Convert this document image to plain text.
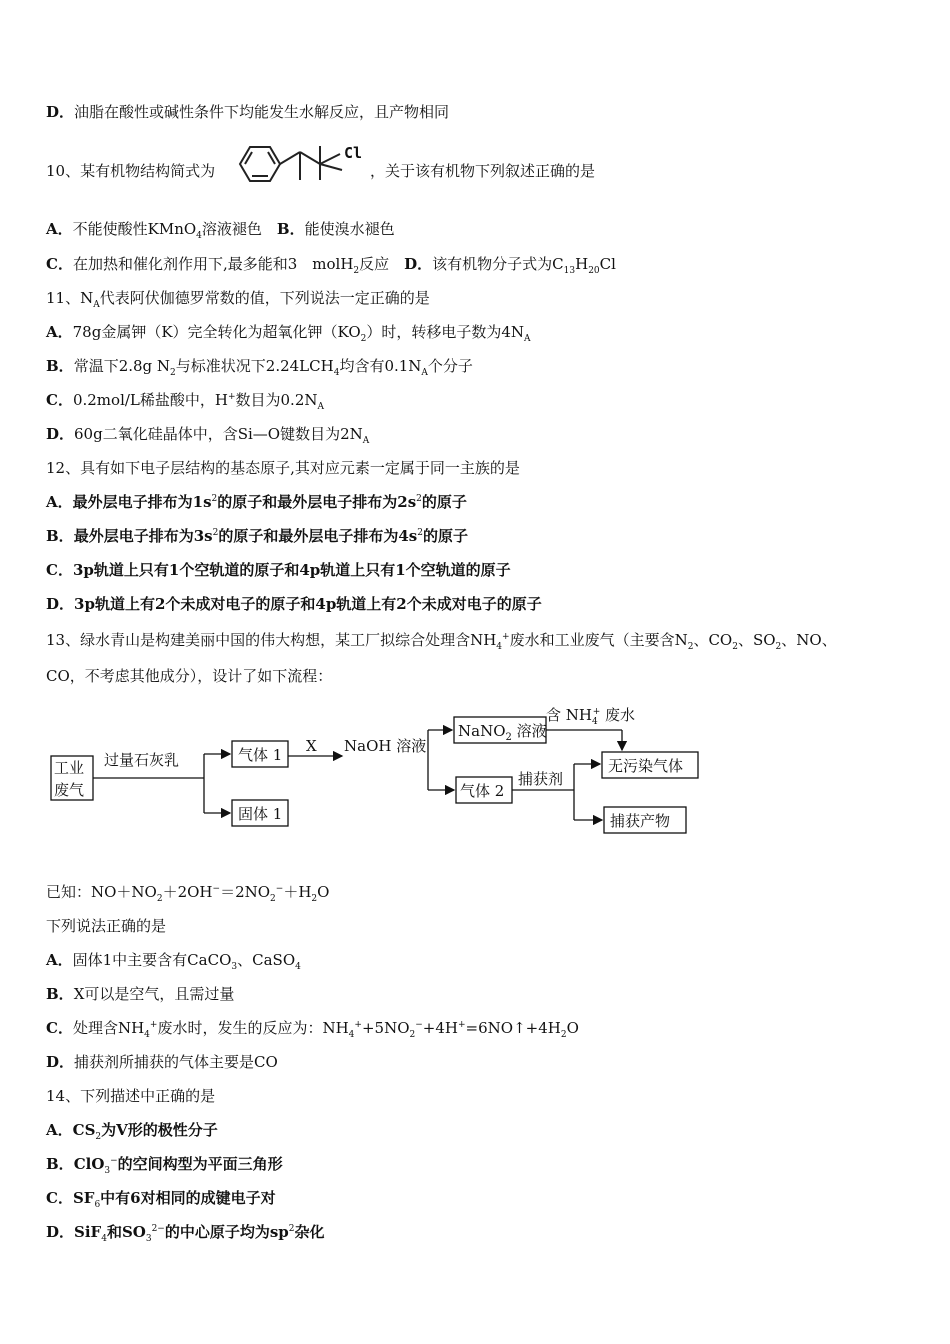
D．油脂在酸性或碱性条件下均能发生水解反应，且产物相同
10、某有机物结构简式为
Cl
，关于该有机物下列叙述正确的是
A．不能使酸性KMnO$_4$溶液褪色　B．能使溴水褪色
C．在加热和催化剂作用下,最多能和3　molH$_2$反应　D．该有机物分子式为$C_{13}H_{20}Cl$
11、$N_A$代表阿伏伽德罗常数的值，下列说法一定正确的是
A．78g金属钾（K）完全转化为超氧化钾$(KO_2)$时，转移电子数为$4N_A$
B．常温下2.8g $N_2$与标准状况下$2.24LCH_4$均含有$0.1N_A$个分子
C．0.2mol/L稀盐酸中，H+数目为$0.2N_A$
D．60g二氧化硅晶体中，含Si—O键数目为$2N_A$
12、具有如下电子层结构的基态原子,其对应元素一定属于同一主族的是
A．最外层电子排布为$1s^2$的原子和最外层电子排布为$2s^2$的原子
B．最外层电子排布为$3s^2$的原子和最外层电子排布为$4s^2$的原子
C．3p轨道上只有1个空轨道的原子和4p轨道上只有1个空轨道的原子
D．3p轨道上有2个未成对电子的原子和4p轨道上有2个未成对电子的原子
13、绿水青山是构建美丽中国的伟大构想，某工厂拟综合处理含$NH_4^+$废水和工业废气（主要含$N_2$、$CO_2$、$SO_2$、NO、
CO，不考虑其他成分），设计了如下流程：
工业
废气
过量石灰乳	气体 1
固体 1
X NaOH 溶液
NaNO$_2$ 溶液
含 $NH_4+$ 废水
无污染气体
气体 2
捕获剂
捕获产物
已知：$NO+NO_2+2OH^-=2NO_2^-+H_2O$
下列说法正确的是
A．固体1中主要含有CaCO$_3$、CaSO$_4$
B．X可以是空气，且需过量
C．处理含$NH_4^+$废水时，发生的反应为：$NH_4^++5NO_2^-+4H^+=6NO↑+4H_2O$
D．捕获剂所捕获的气体主要是CO
14、下列描述中正确的是
A．$CS_2$为V形的极性分子
B．ClO$_3$−的空间构型为平面三角形
C．$SF_6$中有6对相同的成键电子对
D．SiF$_4$和$SO_3^{2-}$的中心原子均为$sp^2$杂化
